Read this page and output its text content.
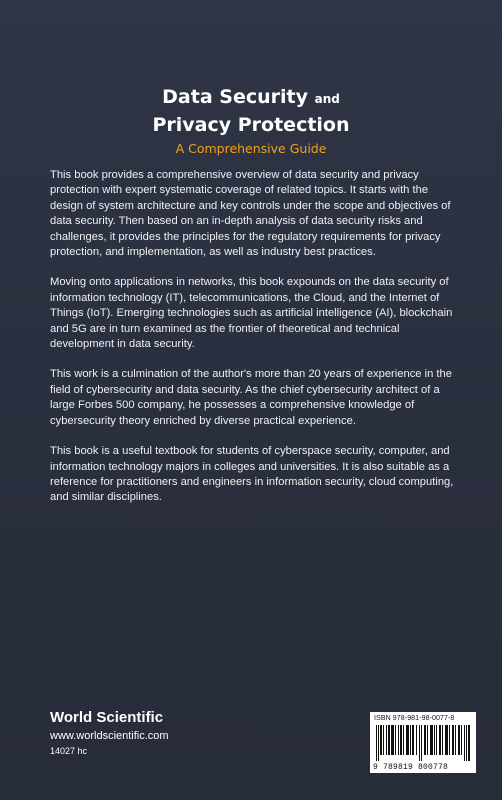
Data Security and
Privacy Protection
A Comprehensive Guide

This book provides a comprehensive overview of data security and privacy protection with expert systematic coverage of related topics. It starts with the design of system architecture and key controls under the scope and objectives of data security. Then based on an in-depth analysis of data security risks and challenges, it provides the principles for the regulatory requirements for privacy protection, and implementation, as well as industry best practices.

Moving onto applications in networks, this book expounds on the data security of information technology (IT), telecommunications, the Cloud, and the Internet of Things (IoT). Emerging technologies such as artificial intelligence (AI), blockchain and 5G are in turn examined as the frontier of theoretical and technical development in data security.

This work is a culmination of the author's more than 20 years of experience in the field of cybersecurity and data security. As the chief cybersecurity architect of a large Forbes 500 company, he possesses a comprehensive knowledge of cybersecurity theory enriched by diverse practical experience.

This book is a useful textbook for students of cyberspace security, computer, and information technology majors in colleges and universities. It is also suitable as a reference for practitioners and engineers in information security, cloud computing, and similar disciplines.

World Scientific
www.worldscientific.com
14027 hc
ISBN 978-981-98-0077-8
9 789819 800778
